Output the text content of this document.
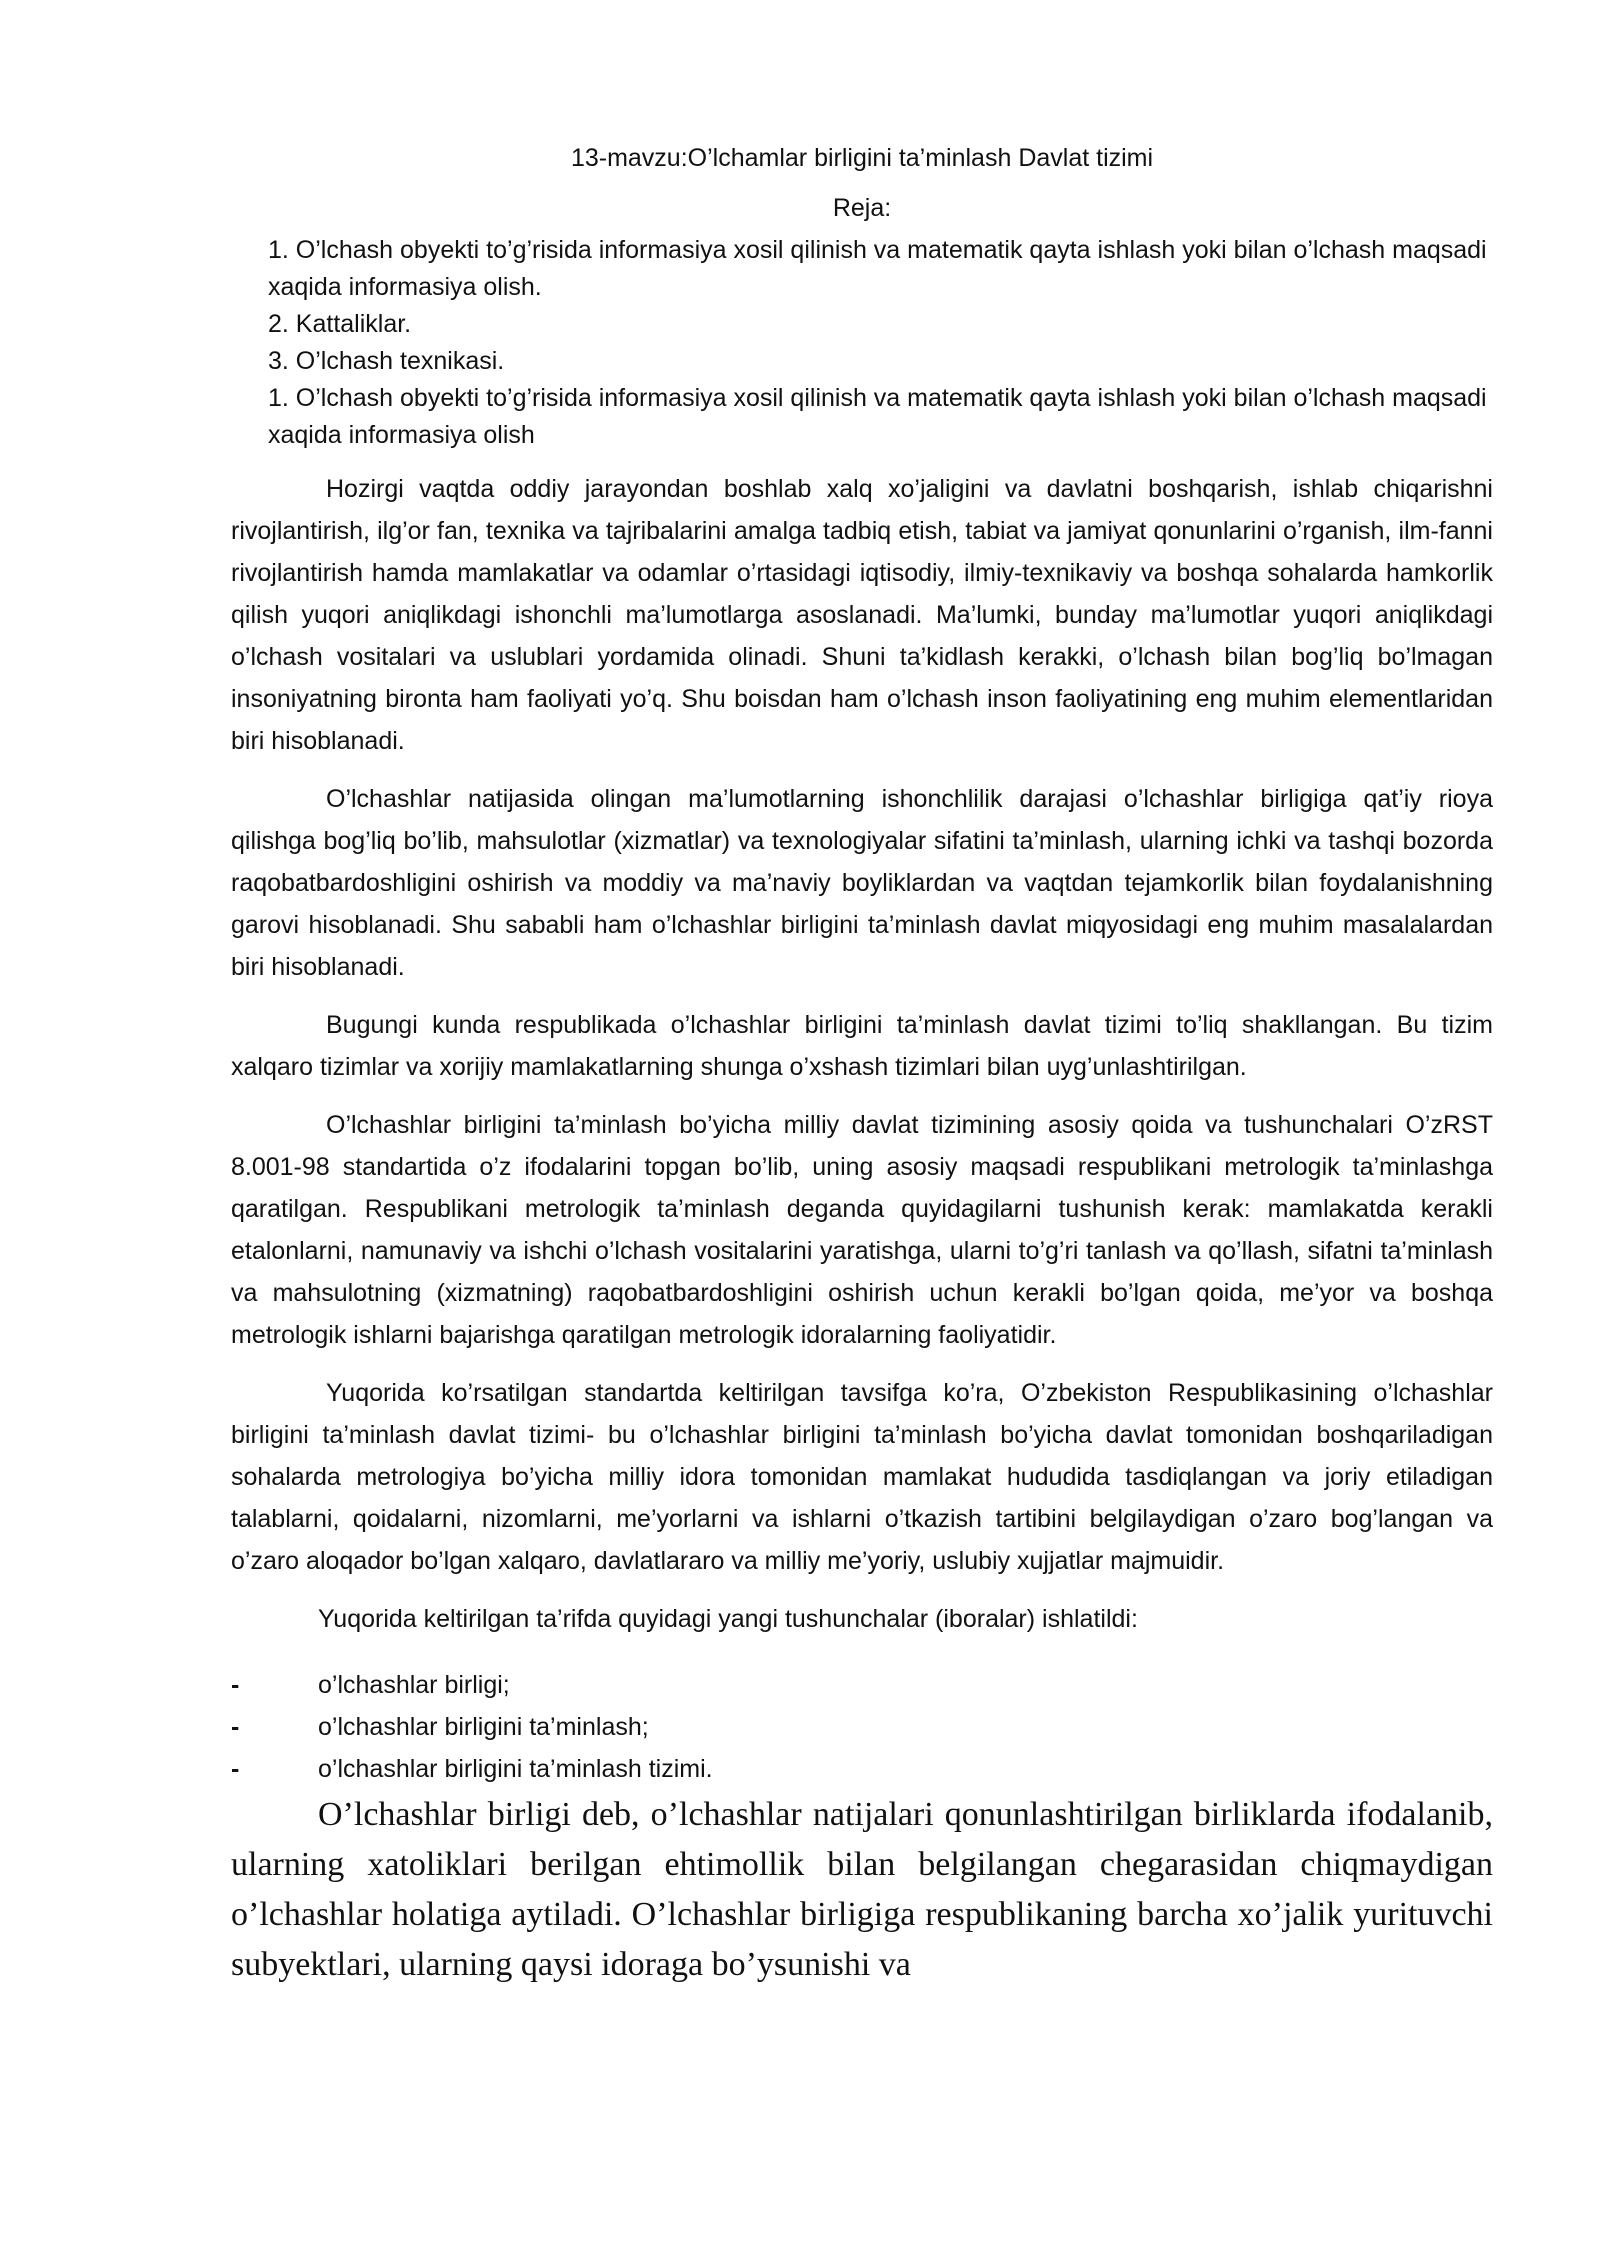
13-mavzu:O’lchamlar birligini ta’minlash Davlat tizimi

Reja:

1. O’lchash obyekti to’g’risida informasiya xosil qilinish va matematik qayta ishlash yoki bilan o’lchash maqsadi xaqida informasiya olish.
2. Kattaliklar.
3. O’lchash texnikasi.
1. O’lchash obyekti to’g’risida informasiya xosil qilinish va matematik qayta ishlash yoki bilan o’lchash maqsadi xaqida informasiya olish

Hozirgi vaqtda oddiy jarayondan boshlab xalq xo’jaligini va davlatni boshqarish, ishlab chiqarishni rivojlantirish, ilg’or fan, texnika va tajribalarini amalga tadbiq etish, tabiat va jamiyat qonunlarini o’rganish, ilm-fanni rivojlantirish hamda mamlakatlar va odamlar o’rtasidagi iqtisodiy, ilmiy-texnikaviy va boshqa sohalarda hamkorlik qilish yuqori aniqlikdagi ishonchli ma’lumotlarga asoslanadi. Ma’lumki, bunday ma’lumotlar yuqori aniqlikdagi o’lchash vositalari va uslublari yordamida olinadi. Shuni ta’kidlash kerakki, o’lchash bilan bog’liq bo’lmagan insoniyatning bironta ham faoliyati yo’q. Shu boisdan ham o’lchash inson faoliyatining eng muhim elementlaridan biri hisoblanadi.

O’lchashlar natijasida olingan ma’lumotlarning ishonchlilik darajasi o’lchashlar birligiga qat’iy rioya qilishga bog’liq bo’lib, mahsulotlar (xizmatlar) va texnologiyalar sifatini ta’minlash, ularning ichki va tashqi bozorda raqobatbardoshligini oshirish va moddiy va ma’naviy boyliklardan va vaqtdan tejamkorlik bilan foydalanishning garovi hisoblanadi. Shu sababli ham o’lchashlar birligini ta’minlash davlat miqyosidagi eng muhim masalalardan biri hisoblanadi.

Bugungi kunda respublikada o’lchashlar birligini ta’minlash davlat tizimi to’liq shakllangan. Bu tizim xalqaro tizimlar va xorijiy mamlakatlarning shunga o’xshash tizimlari bilan uyg’unlashtirilgan.

O’lchashlar birligini ta’minlash bo’yicha milliy davlat tizimining asosiy qoida va tushunchalari O’zRST 8.001-98 standartida o’z ifodalarini topgan bo’lib, uning asosiy maqsadi respublikani metrologik ta’minlashga qaratilgan. Respublikani metrologik ta’minlash deganda quyidagilarni tushunish kerak: mamlakatda kerakli etalonlarni, namunaviy va ishchi o’lchash vositalarini yaratishga, ularni to’g’ri tanlash va qo’llash, sifatni ta’minlash va mahsulotning (xizmatning) raqobatbardoshligini oshirish uchun kerakli bo’lgan qoida, me’yor va boshqa metrologik ishlarni bajarishga qaratilgan metrologik idoralarning faoliyatidir.

Yuqorida ko’rsatilgan standartda keltirilgan tavsifga ko’ra, O’zbekiston Respublikasining o’lchashlar birligini ta’minlash davlat tizimi- bu o’lchashlar birligini ta’minlash bo’yicha davlat tomonidan boshqariladigan sohalarda metrologiya bo’yicha milliy idora tomonidan mamlakat hududida tasdiqlangan va joriy etiladigan talablarni, qoidalarni, nizomlarni, me’yorlarni va ishlarni o’tkazish tartibini belgilaydigan o’zaro bog’langan va o’zaro aloqador bo’lgan xalqaro, davlatlararo va milliy me’yoriy, uslubiy xujjatlar majmuidir.

Yuqorida keltirilgan ta’rifda quyidagi yangi tushunchalar (iboralar) ishlatildi:

-	o’lchashlar birligi;
-	o’lchashlar birligini ta’minlash;
-	o’lchashlar birligini ta’minlash tizimi.

O’lchashlar birligi deb, o’lchashlar natijalari qonunlashtirilgan birliklarda ifodalanib, ularning xatoliklari berilgan ehtimollik bilan belgilangan chegarasidan chiqmaydigan o’lchashlar holatiga aytiladi. O’lchashlar birligiga respublikaning barcha xo’jalik yurituvchi subyektlari, ularning qaysi idoraga bo’ysunishi va
